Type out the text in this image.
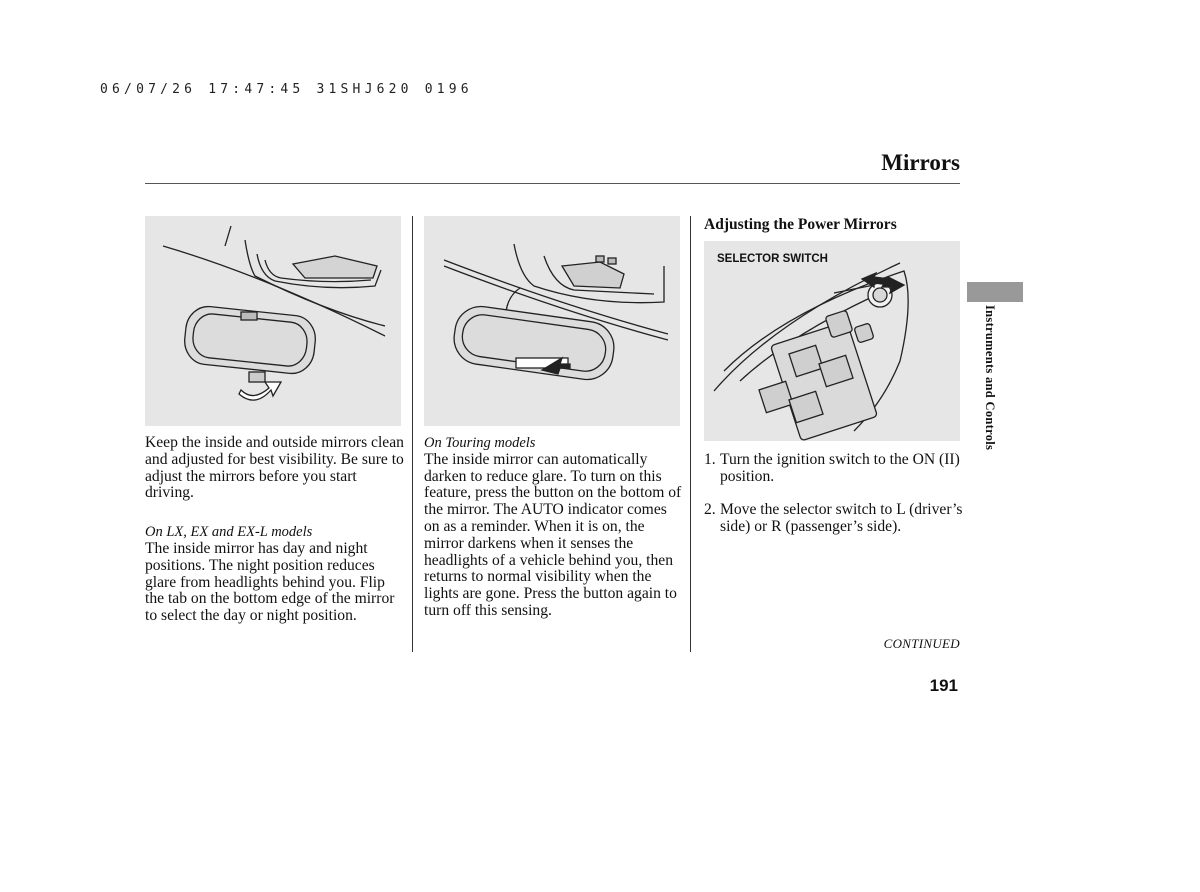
06/07/26 17:47:45 31SHJ620 0196
Mirrors
SELECTOR SWITCH

Keep the inside and outside mirrors clean and adjusted for best visibility. Be sure to adjust the mirrors before you start driving.

On LX, EX and EX-L models

The inside mirror has day and night positions. The night position reduces glare from headlights behind you. Flip the tab on the bottom edge of the mirror to select the day or night position.

On Touring models

The inside mirror can automatically darken to reduce glare. To turn on this feature, press the button on the bottom of the mirror. The AUTO indicator comes on as a reminder. When it is on, the mirror darkens when it senses the headlights of a vehicle behind you, then returns to normal visibility when the lights are gone. Press the button again to turn off this sensing.

Adjusting the Power Mirrors
1. Turn the ignition switch to the ON (II) position.
2. Move the selector switch to L (driver’s side) or R (passenger’s side).
CONTINUED
191
Instruments and Controls
